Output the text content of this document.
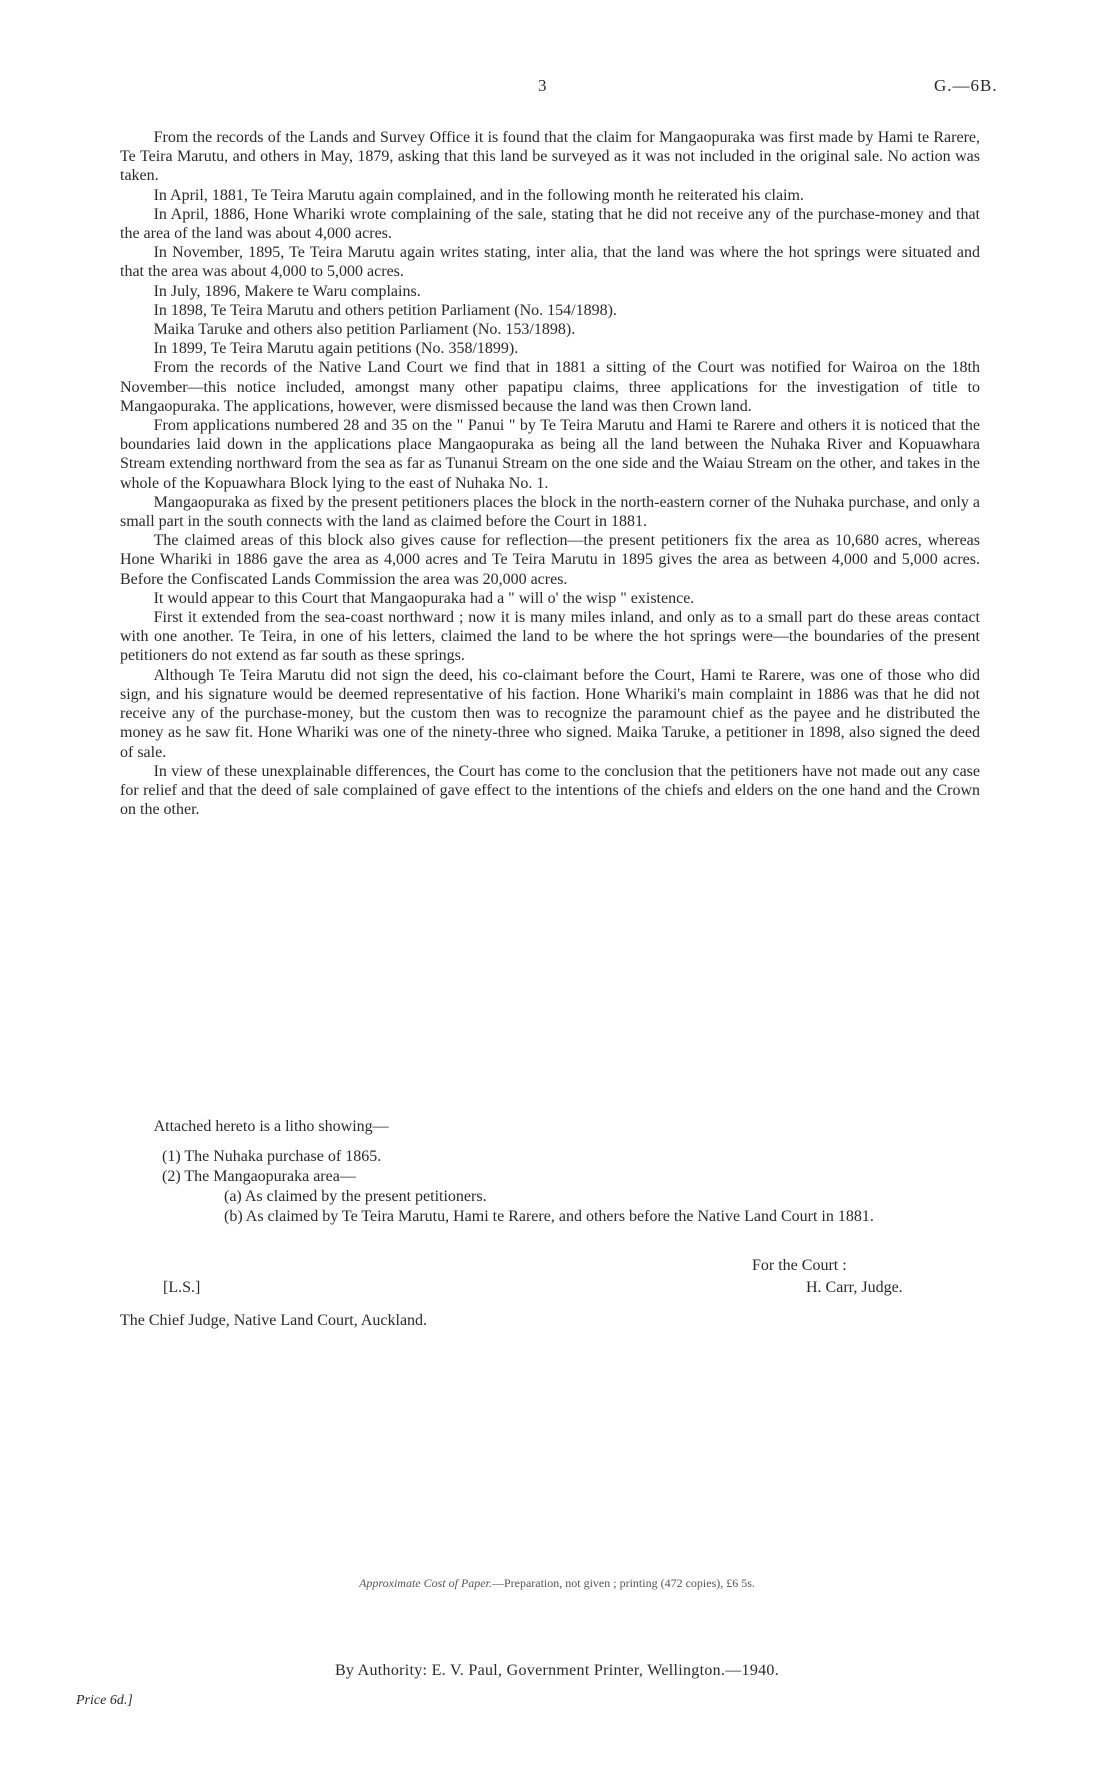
3	G.—6B.

From the records of the Lands and Survey Office it is found that the claim for Mangaopuraka was first made by Hami te Rarere, Te Teira Marutu, and others in May, 1879, asking that this land be surveyed as it was not included in the original sale. No action was taken.

In April, 1881, Te Teira Marutu again complained, and in the following month he reiterated his claim.

In April, 1886, Hone Whariki wrote complaining of the sale, stating that he did not receive any of the purchase-money and that the area of the land was about 4,000 acres.

In November, 1895, Te Teira Marutu again writes stating, inter alia, that the land was where the hot springs were situated and that the area was about 4,000 to 5,000 acres.

In July, 1896, Makere te Waru complains.

In 1898, Te Teira Marutu and others petition Parliament (No. 154/1898).

Maika Taruke and others also petition Parliament (No. 153/1898).

In 1899, Te Teira Marutu again petitions (No. 358/1899).

From the records of the Native Land Court we find that in 1881 a sitting of the Court was notified for Wairoa on the 18th November—this notice included, amongst many other papatipu claims, three applications for the investigation of title to Mangaopuraka. The applications, however, were dismissed because the land was then Crown land.

From applications numbered 28 and 35 on the " Panui " by Te Teira Marutu and Hami te Rarere and others it is noticed that the boundaries laid down in the applications place Mangaopuraka as being all the land between the Nuhaka River and Kopuawhara Stream extending northward from the sea as far as Tunanui Stream on the one side and the Waiau Stream on the other, and takes in the whole of the Kopuawhara Block lying to the east of Nuhaka No. 1.

Mangaopuraka as fixed by the present petitioners places the block in the north-eastern corner of the Nuhaka purchase, and only a small part in the south connects with the land as claimed before the Court in 1881.

The claimed areas of this block also gives cause for reflection—the present petitioners fix the area as 10,680 acres, whereas Hone Whariki in 1886 gave the area as 4,000 acres and Te Teira Marutu in 1895 gives the area as between 4,000 and 5,000 acres. Before the Confiscated Lands Commission the area was 20,000 acres.

It would appear to this Court that Mangaopuraka had a " will o' the wisp " existence.

First it extended from the sea-coast northward ; now it is many miles inland, and only as to a small part do these areas contact with one another. Te Teira, in one of his letters, claimed the land to be where the hot springs were—the boundaries of the present petitioners do not extend as far south as these springs.

Although Te Teira Marutu did not sign the deed, his co-claimant before the Court, Hami te Rarere, was one of those who did sign, and his signature would be deemed representative of his faction. Hone Whariki's main complaint in 1886 was that he did not receive any of the purchase-money, but the custom then was to recognize the paramount chief as the payee and he distributed the money as he saw fit. Hone Whariki was one of the ninety-three who signed. Maika Taruke, a petitioner in 1898, also signed the deed of sale.

In view of these unexplainable differences, the Court has come to the conclusion that the petitioners have not made out any case for relief and that the deed of sale complained of gave effect to the intentions of the chiefs and elders on the one hand and the Crown on the other.

Attached hereto is a litho showing—

(1) The Nuhaka purchase of 1865.

(2) The Mangaopuraka area—

(a) As claimed by the present petitioners.

(b) As claimed by Te Teira Marutu, Hami te Rarere, and others before the Native Land Court in 1881.

For the Court :
[L.S.]	H. Carr, Judge.
The Chief Judge, Native Land Court, Auckland.
Approximate Cost of Paper.—Preparation, not given ; printing (472 copies), £6 5s.
By Authority: E. V. Paul, Government Printer, Wellington.—1940.
Price 6d.]
